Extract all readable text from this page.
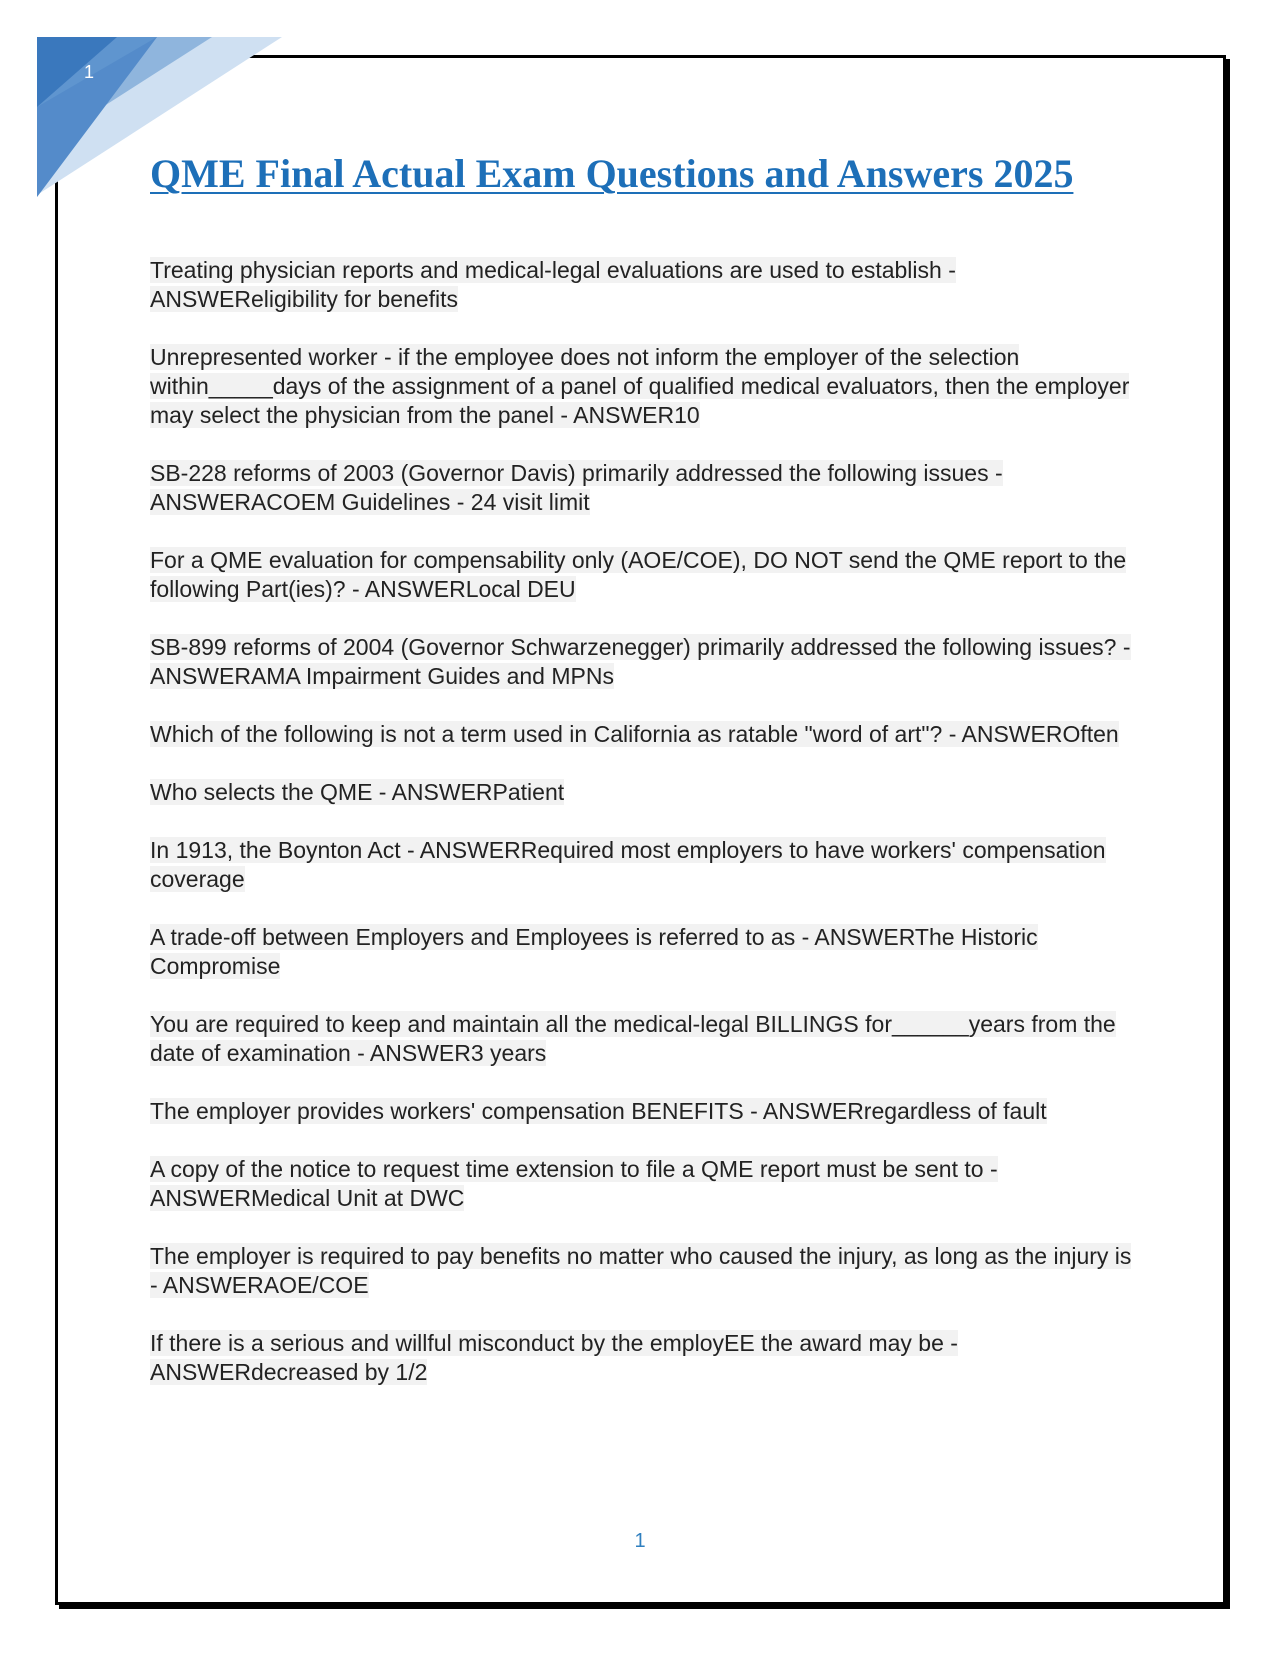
1
QME Final Actual Exam Questions and Answers 2025

Treating physician reports and medical-legal evaluations are used to establish - ANSWEReligibility for benefits

Unrepresented worker - if the employee does not inform the employer of the selection within_____days of the assignment of a panel of qualified medical evaluators, then the employer may select the physician from the panel - ANSWER10

SB-228 reforms of 2003 (Governor Davis) primarily addressed the following issues - ANSWERACOEM Guidelines - 24 visit limit

For a QME evaluation for compensability only (AOE/COE), DO NOT send the QME report to the following Part(ies)? - ANSWERLocal DEU

SB-899 reforms of 2004 (Governor Schwarzenegger) primarily addressed the following issues? - ANSWERAMA Impairment Guides and MPNs

Which of the following is not a term used in California as ratable "word of art"? - ANSWEROften

Who selects the QME - ANSWERPatient

In 1913, the Boynton Act - ANSWERRequired most employers to have workers' compensation coverage

A trade-off between Employers and Employees is referred to as - ANSWERThe Historic Compromise

You are required to keep and maintain all the medical-legal BILLINGS for______years from the date of examination - ANSWER3 years

The employer provides workers' compensation BENEFITS - ANSWERregardless of fault

A copy of the notice to request time extension to file a QME report must be sent to - ANSWERMedical Unit at DWC

The employer is required to pay benefits no matter who caused the injury, as long as the injury is - ANSWERAOE/COE

If there is a serious and willful misconduct by the employEE the award may be - ANSWERdecreased by 1/2

1
